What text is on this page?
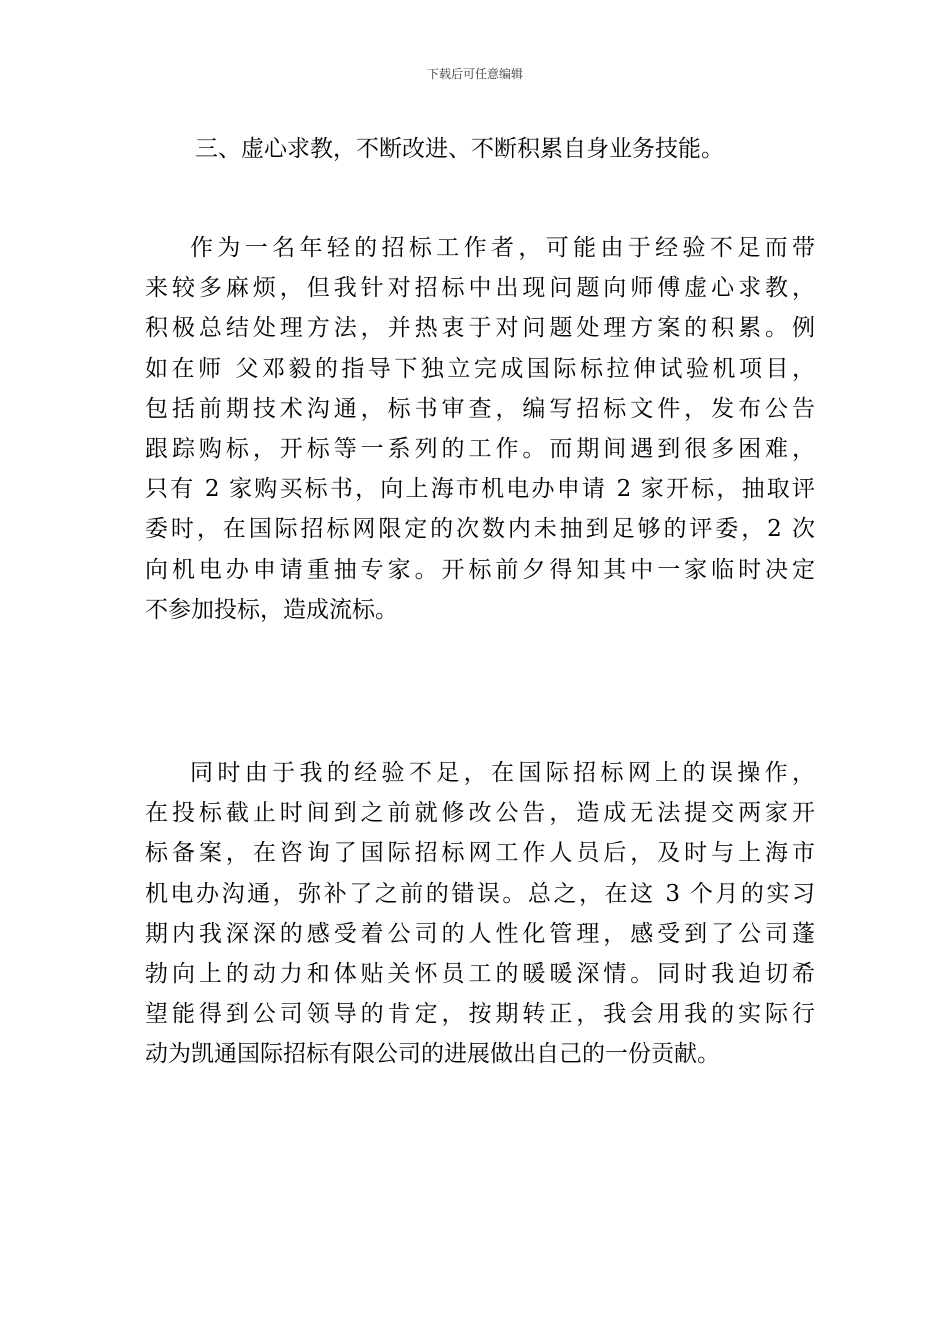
下载后可任意编辑
三、虚心求教，不断改进、不断积累自身业务技能。
作为一名年轻的招标工作者，可能由于经验不足而带
来较多麻烦，但我针对招标中出现问题向师傅虚心求教，
积极总结处理方法，并热衷于对问题处理方案的积累。例
如在师 父邓毅的指导下独立完成国际标拉伸试验机项目，
包括前期技术沟通，标书审查，编写招标文件，发布公告
跟踪购标，开标等一系列的工作。而期间遇到很多困难，
只有 2 家购买标书，向上海市机电办申请 2 家开标，抽取评
委时，在国际招标网限定的次数内未抽到足够的评委，2 次
向机电办申请重抽专家。开标前夕得知其中一家临时决定
不参加投标，造成流标。
同时由于我的经验不足，在国际招标网上的误操作，
在投标截止时间到之前就修改公告，造成无法提交两家开
标备案，在咨询了国际招标网工作人员后，及时与上海市
机电办沟通，弥补了之前的错误。总之，在这 3 个月的实习
期内我深深的感受着公司的人性化管理，感受到了公司蓬
勃向上的动力和体贴关怀员工的暖暖深情。同时我迫切希
望能得到公司领导的肯定，按期转正，我会用我的实际行
动为凯通国际招标有限公司的进展做出自己的一份贡献。
